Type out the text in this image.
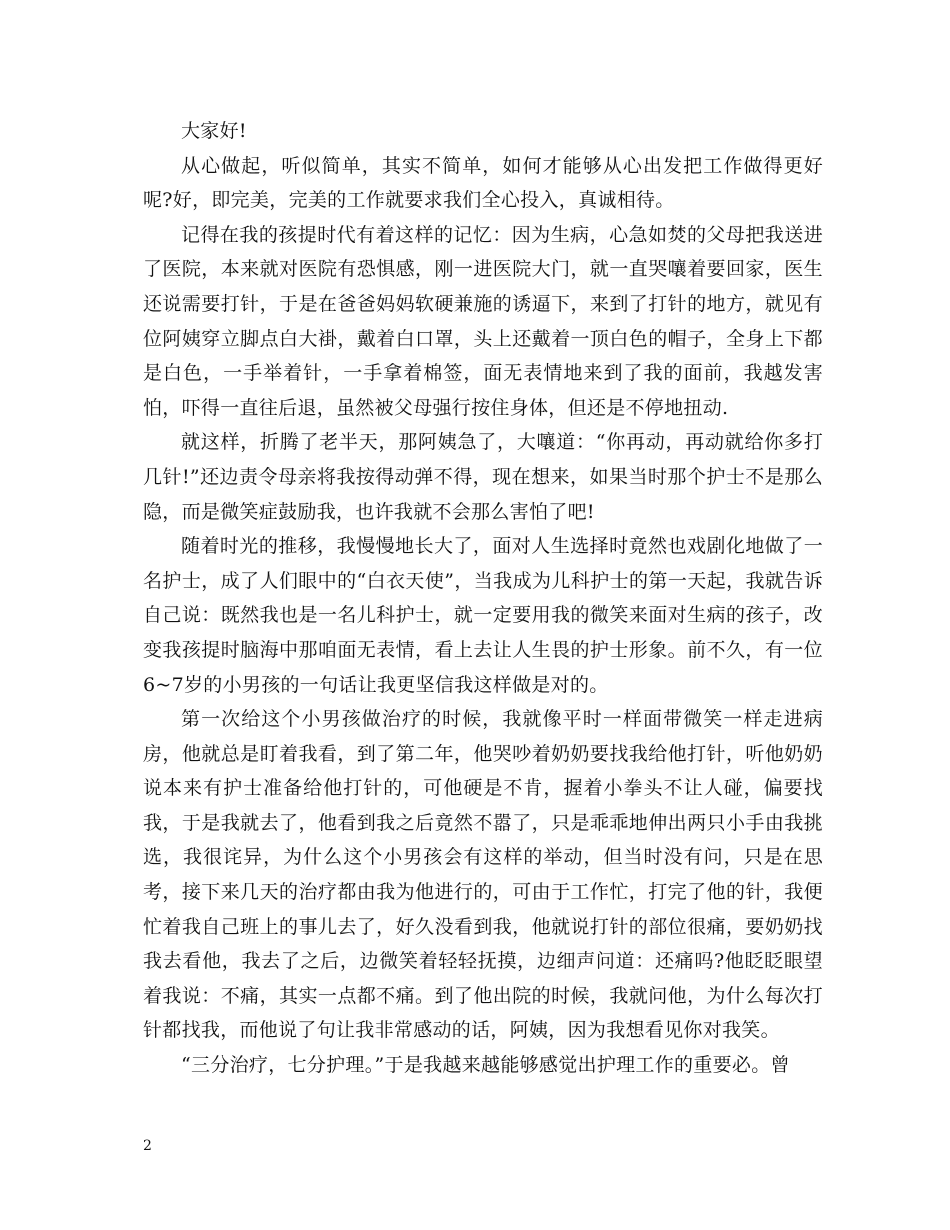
大家好!

从心做起，听似简单，其实不简单，如何才能够从心出发把工作做得更好呢?好，即完美，完美的工作就要求我们全心投入，真诚相待。

记得在我的孩提时代有着这样的记忆：因为生病，心急如焚的父母把我送进了医院，本来就对医院有恐惧感，刚一进医院大门，就一直哭嚷着要回家，医生还说需要打针，于是在爸爸妈妈软硬兼施的诱逼下，来到了打针的地方，就见有位阿姨穿立脚点白大褂，戴着白口罩，头上还戴着一顶白色的帽子，全身上下都是白色，一手举着针，一手拿着棉签，面无表情地来到了我的面前，我越发害怕，吓得一直往后退，虽然被父母强行按住身体，但还是不停地扭动.

就这样，折腾了老半天，那阿姨急了，大嚷道：“你再动，再动就给你多打几针!”还边责令母亲将我按得动弹不得，现在想来，如果当时那个护士不是那么隐，而是微笑症鼓励我，也许我就不会那么害怕了吧!

随着时光的推移，我慢慢地长大了，面对人生选择时竟然也戏剧化地做了一名护士，成了人们眼中的“白衣天使”，当我成为儿科护士的第一天起，我就告诉自己说：既然我也是一名儿科护士，就一定要用我的微笑来面对生病的孩子，改变我孩提时脑海中那咱面无表情，看上去让人生畏的护士形象。前不久，有一位6~7岁的小男孩的一句话让我更坚信我这样做是对的。

第一次给这个小男孩做治疗的时候，我就像平时一样面带微笑一样走进病房，他就总是盯着我看，到了第二年，他哭吵着奶奶要找我给他打针，听他奶奶说本来有护士准备给他打针的，可他硬是不肯，握着小拳头不让人碰，偏要找我，于是我就去了，他看到我之后竟然不嚣了，只是乖乖地伸出两只小手由我挑选，我很诧异，为什么这个小男孩会有这样的举动，但当时没有问，只是在思考，接下来几天的治疗都由我为他进行的，可由于工作忙，打完了他的针，我便忙着我自己班上的事儿去了，好久没看到我，他就说打针的部位很痛，要奶奶找我去看他，我去了之后，边微笑着轻轻抚摸，边细声问道：还痛吗?他眨眨眼望着我说：不痛，其实一点都不痛。到了他出院的时候，我就问他，为什么每次打针都找我，而他说了句让我非常感动的话，阿姨，因为我想看见你对我笑。

“三分治疗，七分护理。”于是我越来越能够感觉出护理工作的重要必。曾

2
